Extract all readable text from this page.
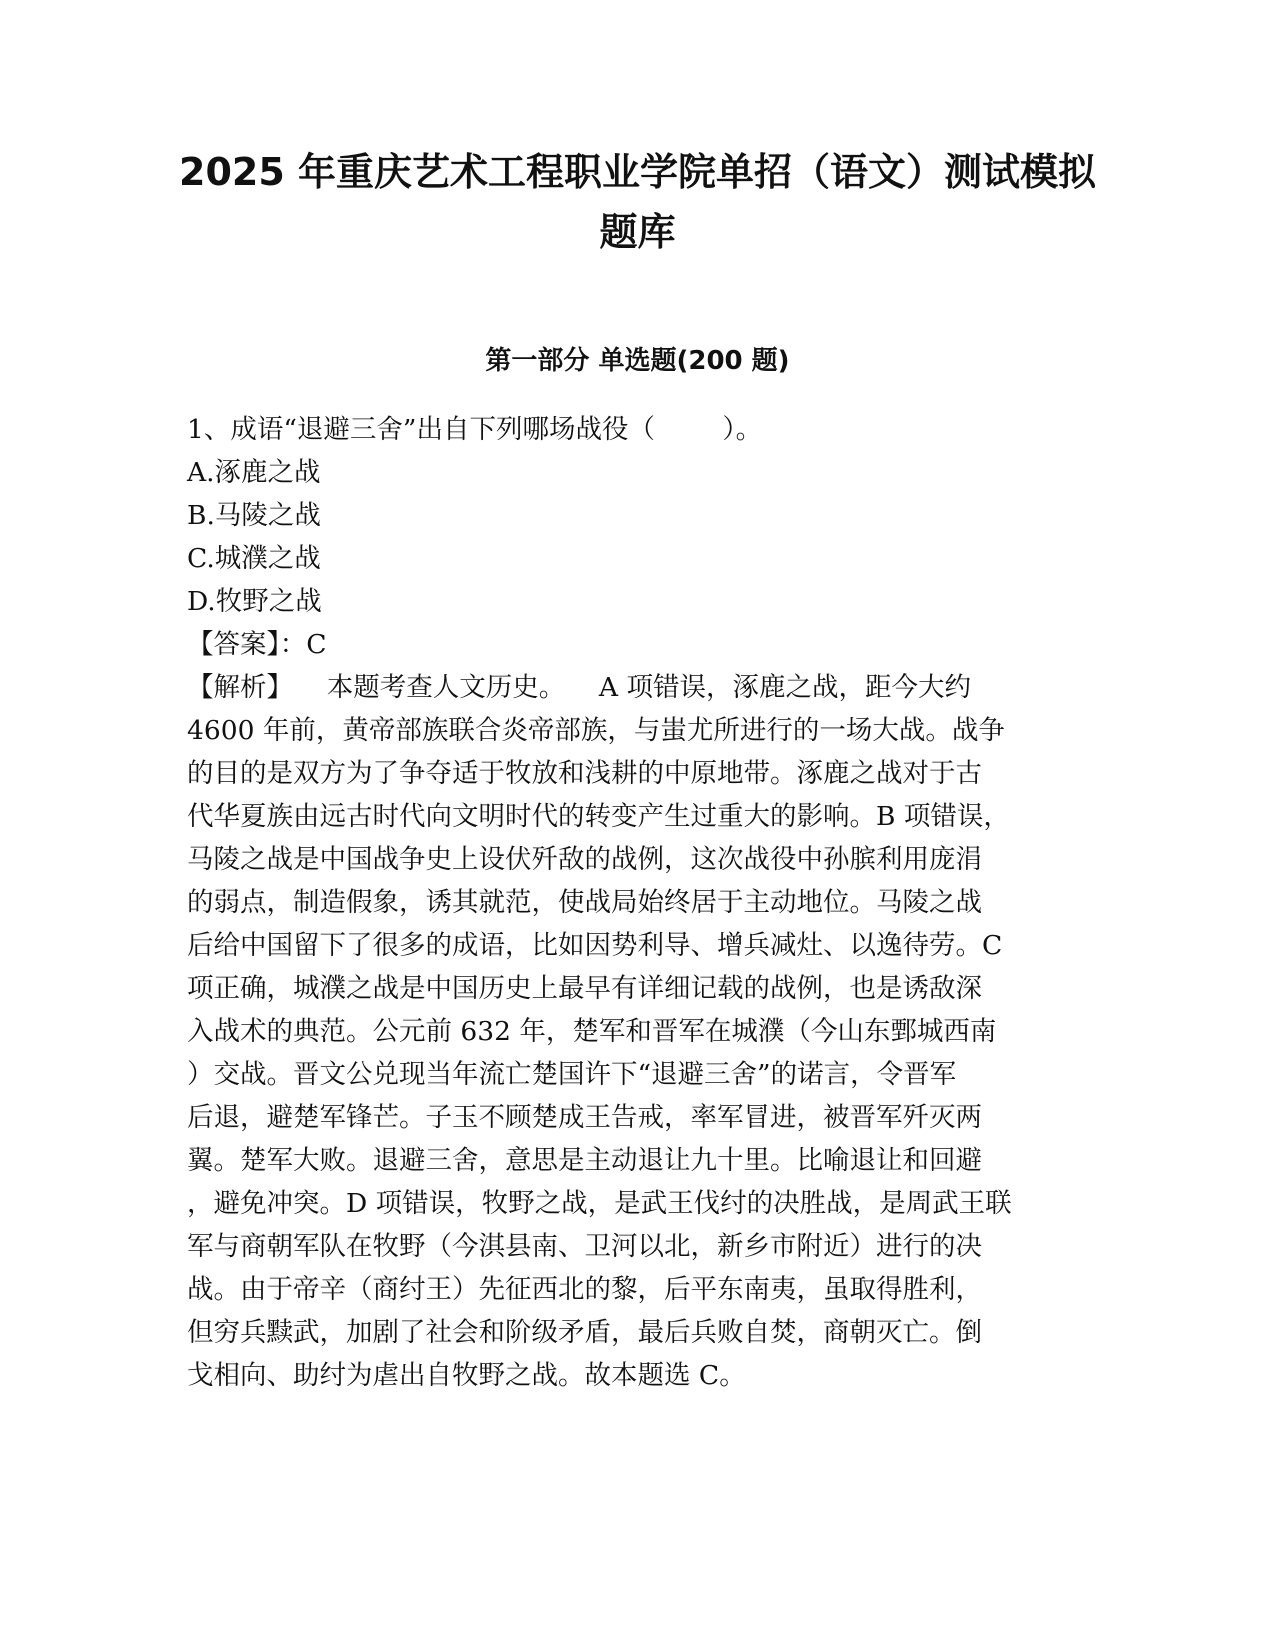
2025 年重庆艺术工程职业学院单招（语文）测试模拟
题库
第一部分 单选题(200 题)
1、成语“退避三舍”出自下列哪场战役（        ）。
A.涿鹿之战
B.马陵之战
C.城濮之战
D.牧野之战
【答案】：C
【解析】    本题考查人文历史。    A 项错误，涿鹿之战，距今大约
4600 年前，黄帝部族联合炎帝部族，与蚩尤所进行的一场大战。战争
的目的是双方为了争夺适于牧放和浅耕的中原地带。涿鹿之战对于古
代华夏族由远古时代向文明时代的转变产生过重大的影响。B 项错误，
马陵之战是中国战争史上设伏歼敌的战例，这次战役中孙膑利用庞涓
的弱点，制造假象，诱其就范，使战局始终居于主动地位。马陵之战
后给中国留下了很多的成语，比如因势利导、增兵减灶、以逸待劳。C
项正确，城濮之战是中国历史上最早有详细记载的战例，也是诱敌深
入战术的典范。公元前 632 年，楚军和晋军在城濮（今山东鄄城西南
）交战。晋文公兑现当年流亡楚国许下“退避三舍”的诺言，令晋军
后退，避楚军锋芒。子玉不顾楚成王告戒，率军冒进，被晋军歼灭两
翼。楚军大败。退避三舍，意思是主动退让九十里。比喻退让和回避
，避免冲突。D 项错误，牧野之战，是武王伐纣的决胜战，是周武王联
军与商朝军队在牧野（今淇县南、卫河以北，新乡市附近）进行的决
战。由于帝辛（商纣王）先征西北的黎，后平东南夷，虽取得胜利，
但穷兵黩武，加剧了社会和阶级矛盾，最后兵败自焚，商朝灭亡。倒
戈相向、助纣为虐出自牧野之战。故本题选 C。
